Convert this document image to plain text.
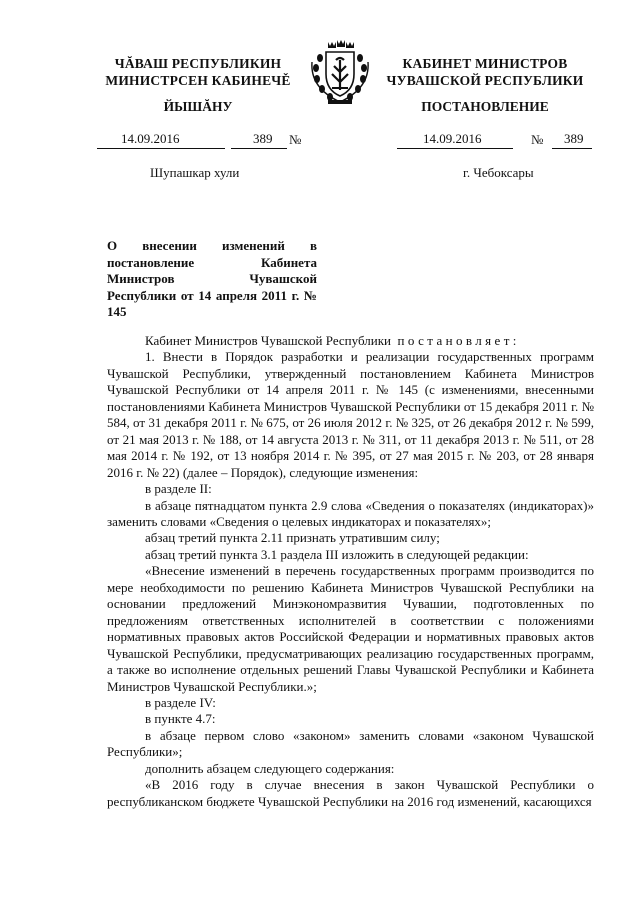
ЧĂВАШ РЕСПУБЛИКИН
МИНИСТРСЕН КАБИНЕЧĚ
ЙЫШĂНУ
КАБИНЕТ МИНИСТРОВ
ЧУВАШСКОЙ РЕСПУБЛИКИ
ПОСТАНОВЛЕНИЕ
14.09.2016	389 №	14.09.2016	№ 389
Шупашкар хули	г. Чебоксары
О внесении изменений в постановление Кабинета Министров Чувашской Республики от 14 апреля 2011 г. № 145

Кабинет Министров Чувашской Республики постановляет:

1. Внести в Порядок разработки и реализации государственных программ Чувашской Республики, утвержденный постановлением Кабинета Министров Чувашской Республики от 14 апреля 2011 г. № 145 (с изменениями, внесенными постановлениями Кабинета Министров Чувашской Республики от 15 декабря 2011 г. № 584, от 31 декабря 2011 г. № 675, от 26 июля 2012 г. № 325, от 26 декабря 2012 г. № 599, от 21 мая 2013 г. № 188, от 14 августа 2013 г. № 311, от 11 декабря 2013 г. № 511, от 28 мая 2014 г. № 192, от 13 ноября 2014 г. № 395, от 27 мая 2015 г. № 203, от 28 января 2016 г. № 22) (далее – Порядок), следующие изменения:

в разделе II:

в абзаце пятнадцатом пункта 2.9 слова «Сведения о показателях (индикаторах)» заменить словами «Сведения о целевых индикаторах и показателях»;

абзац третий пункта 2.11 признать утратившим силу;

абзац третий пункта 3.1 раздела III изложить в следующей редакции:

«Внесение изменений в перечень государственных программ производится по мере необходимости по решению Кабинета Министров Чувашской Республики на основании предложений Минэкономразвития Чувашии, подготовленных по предложениям ответственных исполнителей в соответствии с положениями нормативных правовых актов Российской Федерации и нормативных правовых актов Чувашской Республики, предусматривающих реализацию государственных программ, а также во исполнение отдельных решений Главы Чувашской Республики и Кабинета Министров Чувашской Республики.»;

в разделе IV:

в пункте 4.7:

в абзаце первом слово «законом» заменить словами «законом Чувашской Республики»;

дополнить абзацем следующего содержания:

«В 2016 году в случае внесения в закон Чувашской Республики о республиканском бюджете Чувашской Республики на 2016 год изменений, касающихся
